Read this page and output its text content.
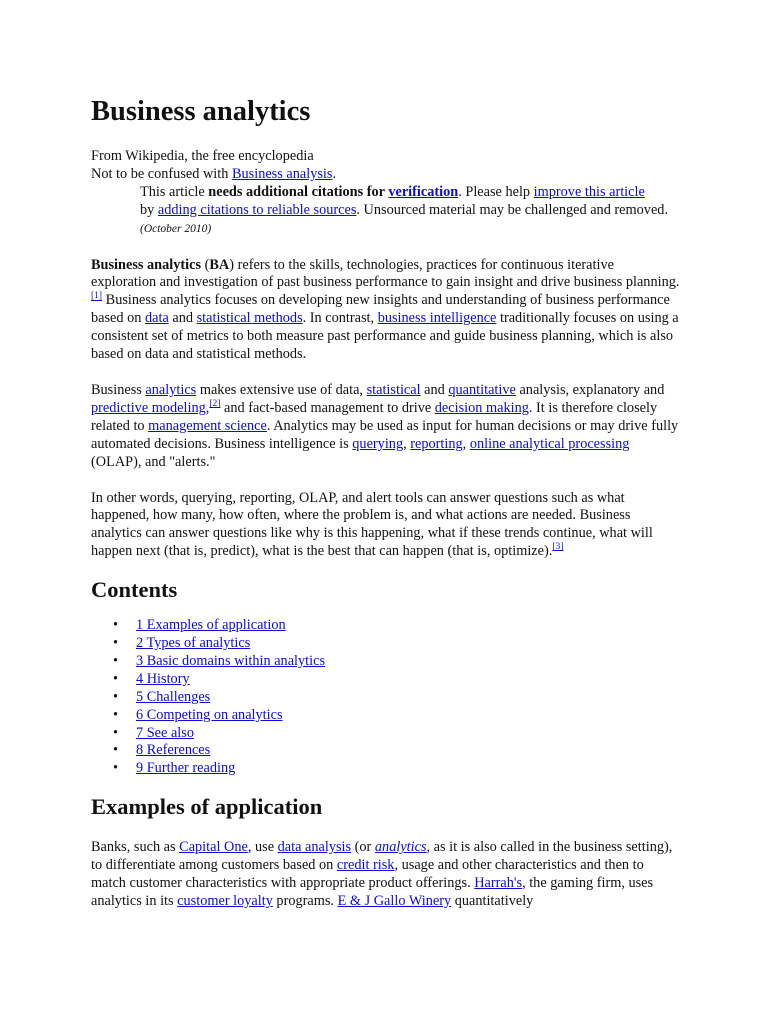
Business analytics

From Wikipedia, the free encyclopedia

Not to be confused with Business analysis.

This article needs additional citations for verification. Please help improve this article
by adding citations to reliable sources. Unsourced material may be challenged and removed. (October 2010)

Business analytics (BA) refers to the skills, technologies, practices for continuous iterative exploration and investigation of past business performance to gain insight and drive business planning.[1] Business analytics focuses on developing new insights and understanding of business performance based on data and statistical methods. In contrast, business intelligence traditionally focuses on using a consistent set of metrics to both measure past performance and guide business planning, which is also based on data and statistical methods.

Business analytics makes extensive use of data, statistical and quantitative analysis, explanatory and predictive modeling,[2] and fact-based management to drive decision making. It is therefore closely related to management science. Analytics may be used as input for human decisions or may drive fully automated decisions. Business intelligence is querying, reporting, online analytical processing (OLAP), and "alerts."

In other words, querying, reporting, OLAP, and alert tools can answer questions such as what happened, how many, how often, where the problem is, and what actions are needed. Business analytics can answer questions like why is this happening, what if these trends continue, what will happen next (that is, predict), what is the best that can happen (that is, optimize).[3]

Contents
• 1 Examples of application
• 2 Types of analytics
• 3 Basic domains within analytics
• 4 History
• 5 Challenges
• 6 Competing on analytics
• 7 See also
• 8 References
• 9 Further reading
Examples of application

Banks, such as Capital One, use data analysis (or analytics, as it is also called in the business setting), to differentiate among customers based on credit risk, usage and other characteristics and then to match customer characteristics with appropriate product offerings. Harrah's, the gaming firm, uses analytics in its customer loyalty programs. E & J Gallo Winery quantitatively
